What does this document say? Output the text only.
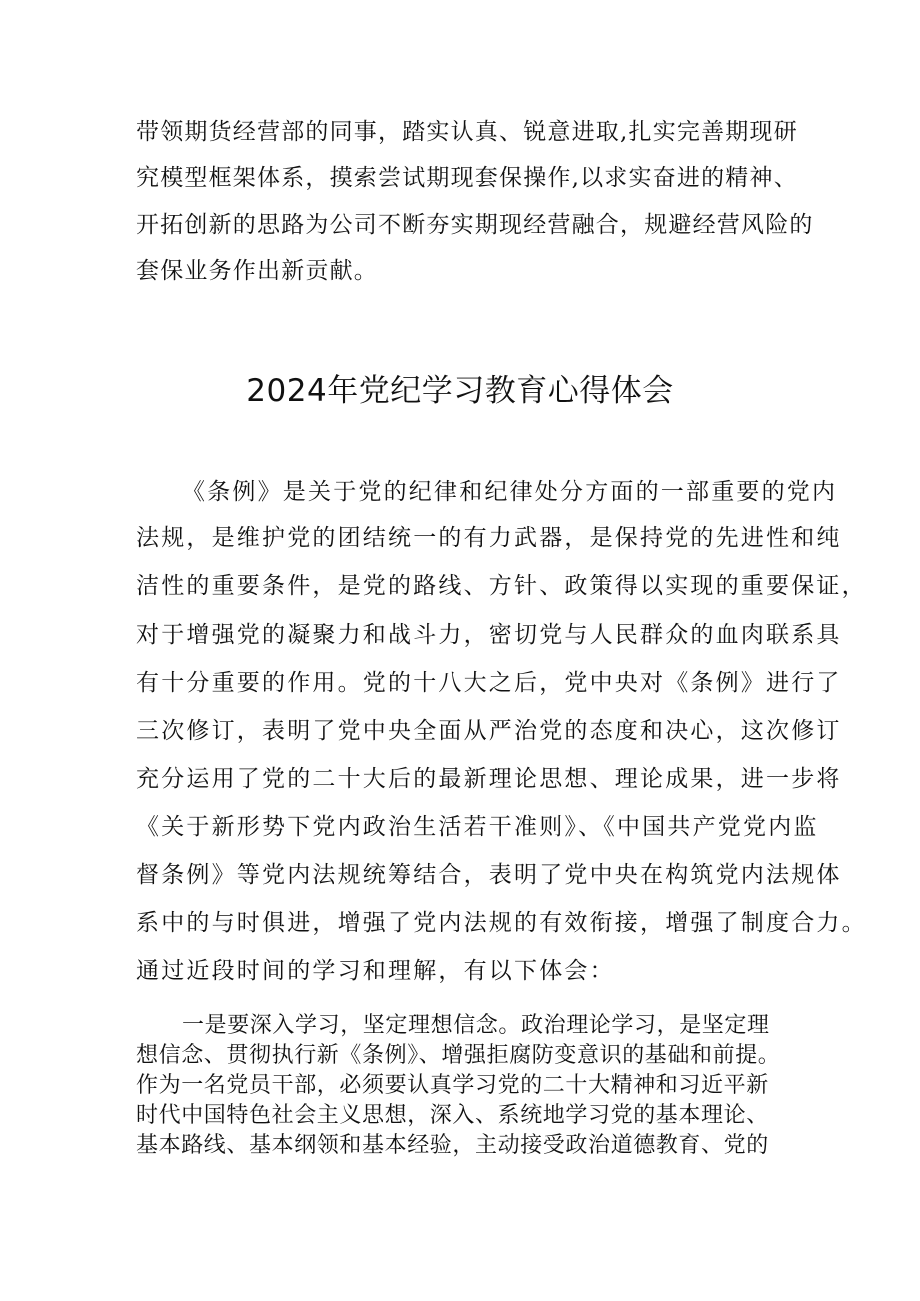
带领期货经营部的同事，踏实认真、锐意进取,扎实完善期现研
究模型框架体系，摸索尝试期现套保操作,以求实奋进的精神、
开拓创新的思路为公司不断夯实期现经营融合，规避经营风险的
套保业务作出新贡献。
2024年党纪学习教育心得体会
《条例》是关于党的纪律和纪律处分方面的一部重要的党内
法规，是维护党的团结统一的有力武器，是保持党的先进性和纯
洁性的重要条件，是党的路线、方针、政策得以实现的重要保证，
对于增强党的凝聚力和战斗力，密切党与人民群众的血肉联系具
有十分重要的作用。党的十八大之后，党中央对《条例》进行了
三次修订，表明了党中央全面从严治党的态度和决心，这次修订
充分运用了党的二十大后的最新理论思想、理论成果，进一步将
《关于新形势下党内政治生活若干准则》、《中国共产党党内监
督条例》等党内法规统筹结合，表明了党中央在构筑党内法规体
系中的与时俱进，增强了党内法规的有效衔接，增强了制度合力。
通过近段时间的学习和理解，有以下体会：
一是要深入学习，坚定理想信念。政治理论学习，是坚定理
想信念、贯彻执行新《条例》、增强拒腐防变意识的基础和前提。
作为一名党员干部，必须要认真学习党的二十大精神和习近平新
时代中国特色社会主义思想，深入、系统地学习党的基本理论、
基本路线、基本纲领和基本经验，主动接受政治道德教育、党的
